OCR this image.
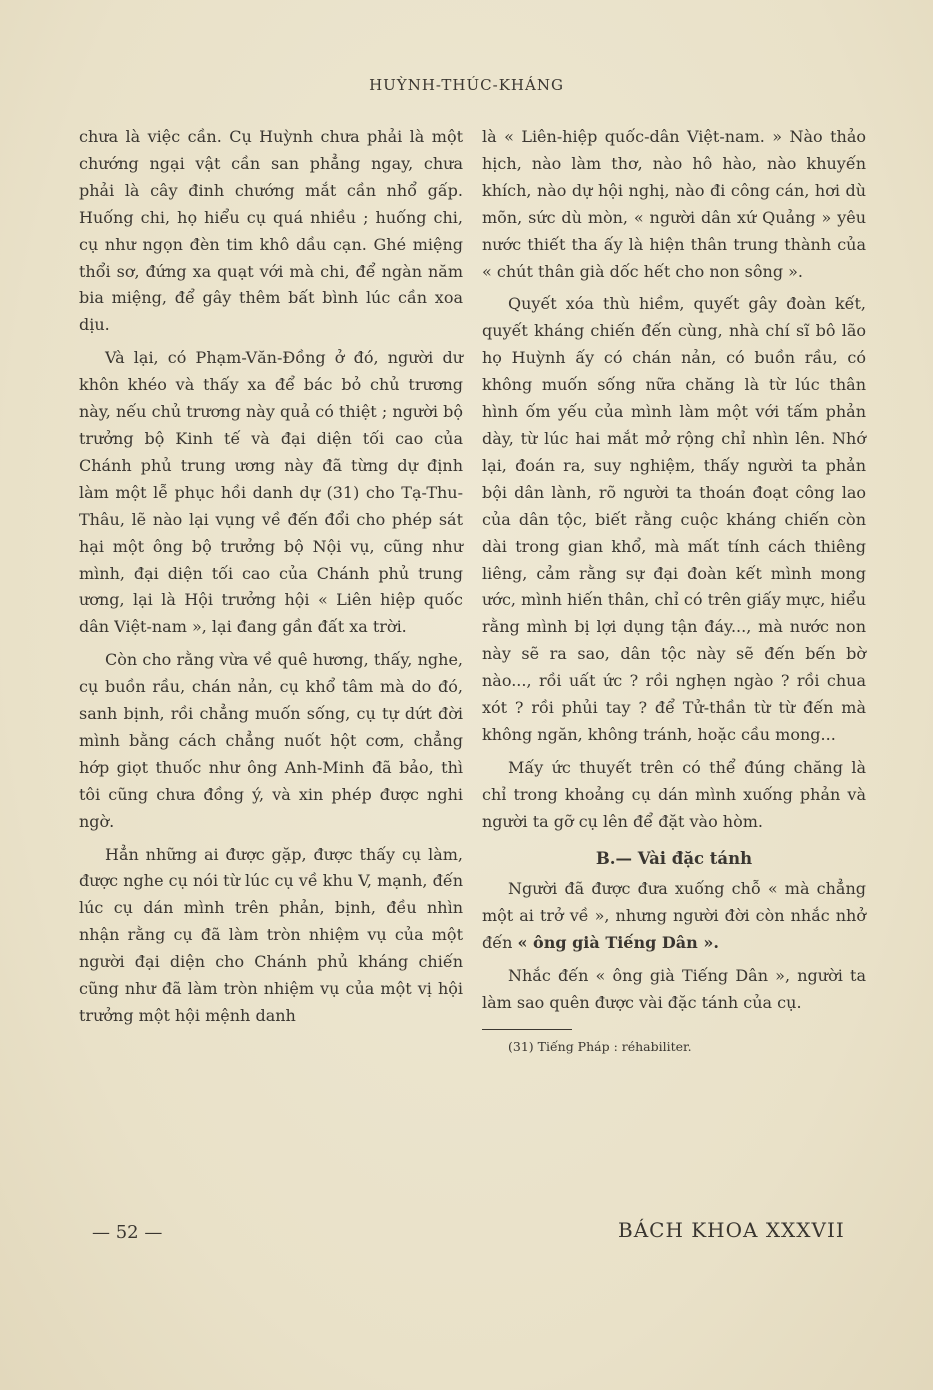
HUỲNH-THÚC-KHÁNG

chưa là việc cần. Cụ Huỳnh chưa phải là một chướng ngại vật cần san phẳng ngay, chưa phải là cây đinh chướng mắt cần nhổ gấp. Huống chi, họ hiểu cụ quá nhiều ; huống chi, cụ như ngọn đèn tim khô dầu cạn. Ghé miệng thổi sơ, đứng xa quạt với mà chi, để ngàn năm bia miệng, để gây thêm bất bình lúc cần xoa dịu.

Và lại, có Phạm-Văn-Đồng ở đó, người dư khôn khéo và thấy xa để bác bỏ chủ trương này, nếu chủ trương này quả có thiệt ; người bộ trưởng bộ Kinh tế và đại diện tối cao của Chánh phủ trung ương này đã từng dự định làm một lễ phục hồi danh dự (31) cho Tạ-Thu-Thâu, lẽ nào lại vụng về đến đổi cho phép sát hại một ông bộ trưởng bộ Nội vụ, cũng như mình, đại diện tối cao của Chánh phủ trung ương, lại là Hội trưởng hội « Liên hiệp quốc dân Việt-nam », lại đang gần đất xa trời.

Còn cho rằng vừa về quê hương, thấy, nghe, cụ buồn rầu, chán nản, cụ khổ tâm mà do đó, sanh bịnh, rồi chẳng muốn sống, cụ tự dứt đời mình bằng cách chẳng nuốt hột cơm, chẳng hớp giọt thuốc như ông Anh-Minh đã bảo, thì tôi cũng chưa đồng ý, và xin phép được nghi ngờ.

Hẳn những ai được gặp, được thấy cụ làm, được nghe cụ nói từ lúc cụ về khu V, mạnh, đến lúc cụ dán mình trên phản, bịnh, đều nhìn nhận rằng cụ đã làm tròn nhiệm vụ của một người đại diện cho Chánh phủ kháng chiến cũng như đã làm tròn nhiệm vụ của một vị hội trưởng một hội mệnh danh

là « Liên-hiệp quốc-dân Việt-nam. » Nào thảo hịch, nào làm thơ, nào hô hào, nào khuyến khích, nào dự hội nghị, nào đi công cán, hơi dù mõn, sức dù mòn, « người dân xứ Quảng » yêu nước thiết tha ấy là hiện thân trung thành của « chút thân già dốc hết cho non sông ».

Quyết xóa thù hiềm, quyết gây đoàn kết, quyết kháng chiến đến cùng, nhà chí sĩ bô lão họ Huỳnh ấy có chán nản, có buồn rầu, có không muốn sống nữa chăng là từ lúc thân hình ốm yếu của mình làm một với tấm phản dày, từ lúc hai mắt mở rộng chỉ nhìn lên. Nhớ lại, đoán ra, suy nghiệm, thấy người ta phản bội dân lành, rõ người ta thoán đoạt công lao của dân tộc, biết rằng cuộc kháng chiến còn dài trong gian khổ, mà mất tính cách thiêng liêng, cảm rằng sự đại đoàn kết mình mong ước, mình hiến thân, chỉ có trên giấy mực, hiểu rằng mình bị lợi dụng tận đáy..., mà nước non này sẽ ra sao, dân tộc này sẽ đến bến bờ nào..., rồi uất ức ? rồi nghẹn ngào ? rồi chua xót ? rồi phủi tay ? để Tử-thần từ từ đến mà không ngăn, không tránh, hoặc cầu mong...

Mấy ức thuyết trên có thể đúng chăng là chỉ trong khoảng cụ dán mình xuống phản và người ta gỡ cụ lên để đặt vào hòm.

B.— Vài đặc tánh

Người đã được đưa xuống chỗ « mà chẳng một ai trở về », nhưng người đời còn nhắc nhở đến « ông già Tiếng Dân ».

Nhắc đến « ông già Tiếng Dân », người ta làm sao quên được vài đặc tánh của cụ.

(31) Tiếng Pháp : réhabiliter.
— 52 —	BÁCH KHOA XXXVII
